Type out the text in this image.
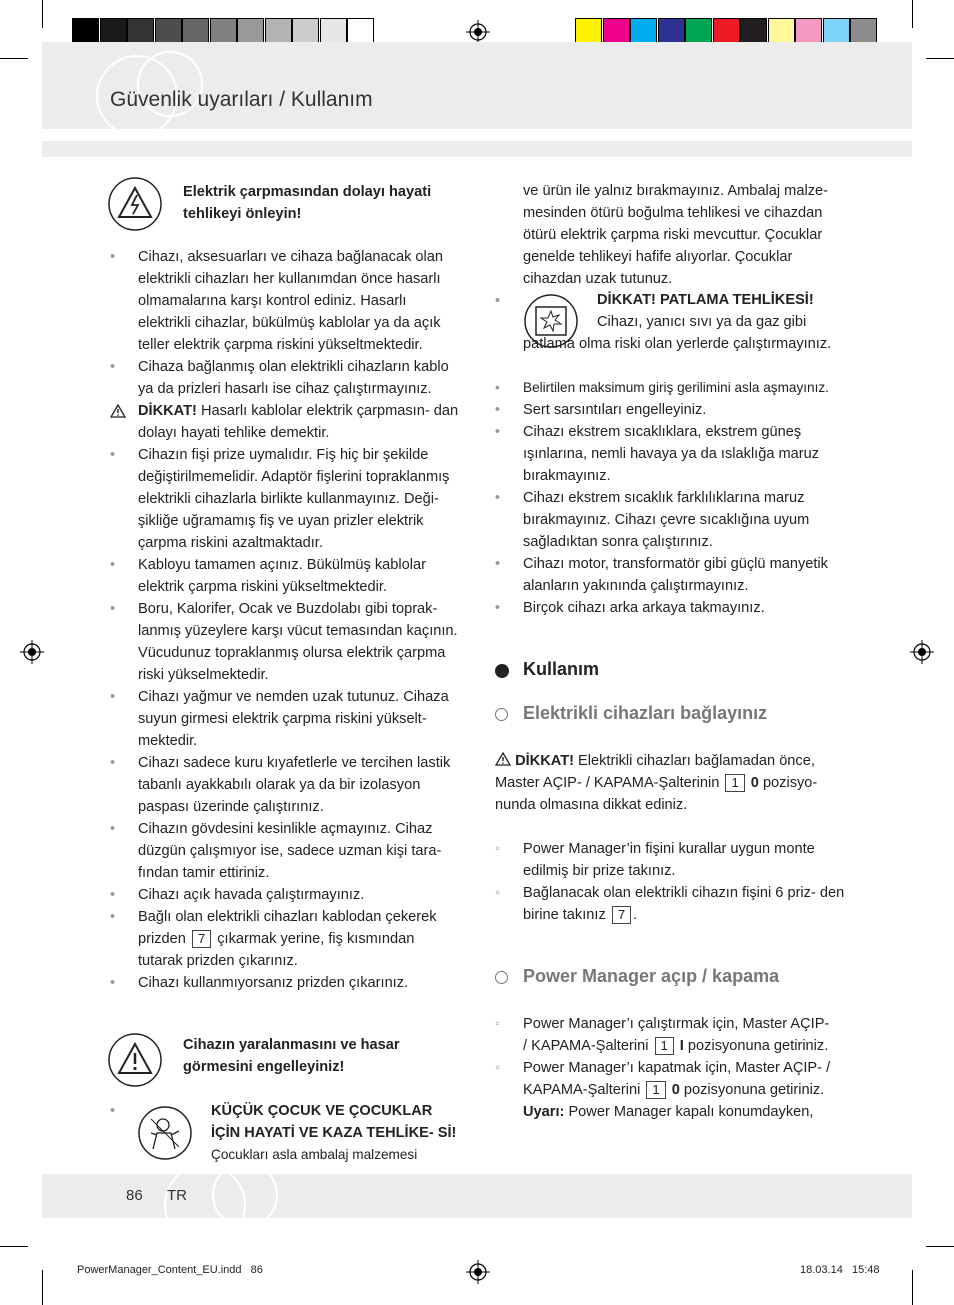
Güvenlik uyarıları / Kullanım
Elektrik çarpmasından dolayı hayati tehlikeyi önleyin!

• Cihazı, aksesuarları ve cihaza bağlanacak olan elektrikli cihazları her kullanımdan önce hasarlı olmamalarına karşı kontrol ediniz. Hasarlı elektrikli cihazlar, bükülmüş kablolar ya da açık teller elektrik çarpma riskini yükseltmektedir.

• Cihaza bağlanmış olan elektrikli cihazların kablo ya da prizleri hasarlı ise cihaz çalıştırmayınız.

DİKKAT! Hasarlı kablolar elektrik çarpmasın- dan dolayı hayati tehlike demektir.

• Cihazın fişi prize uymalıdır. Fiş hiç bir şekilde değiştirilmemelidir. Adaptör fişlerini topraklanmış elektrikli cihazlarla birlikte kullanmayınız. Deği- şikliğe uğramamış fiş ve uyan prizler elektrik çarpma riskini azaltmaktadır.

• Kabloyu tamamen açınız. Bükülmüş kablolar elektrik çarpma riskini yükseltmektedir.

• Boru, Kalorifer, Ocak ve Buzdolabı gibi toprak- lanmış yüzeylere karşı vücut temasından kaçının. Vücudunuz topraklanmış olursa elektrik çarpma riski yükselmektedir.

• Cihazı yağmur ve nemden uzak tutunuz. Cihaza suyun girmesi elektrik çarpma riskini yükselt- mektedir.

• Cihazı sadece kuru kıyafetlerle ve tercihen lastik tabanlı ayakkabılı olarak ya da bir izolasyon paspası üzerinde çalıştırınız.

• Cihazın gövdesini kesinlikle açmayınız. Cihaz düzgün çalışmıyor ise, sadece uzman kişi tara- fından tamir ettiriniz.

• Cihazı açık havada çalıştırmayınız.

• Bağlı olan elektrikli cihazları kablodan çekerek prizden 7 çıkarmak yerine, fiş kısmından tutarak prizden çıkarınız.

• Cihazı kullanmıyorsanız prizden çıkarınız.

Cihazın yaralanmasını ve hasar görmesini engelleyiniz!
•	KÜÇÜK ÇOCUK VE ÇOCUKLAR İÇİN HAYATİ VE KAZA TEHLİKE- Sİ! Çocukları asla ambalaj malzemesi
ve ürün ile yalnız bırakmayınız. Ambalaj malze- mesinden ötürü boğulma tehlikesi ve cihazdan ötürü elektrik çarpma riski mevcuttur. Çocuklar genelde tehlikeyi hafife alıyorlar. Çocuklar cihazdan uzak tutunuz.
•	DİKKAT! PATLAMA TEHLİKESİ!
Cihazı, yanıcı sıvı ya da gaz gibi patlama olma riski olan yerlerde çalıştırmayınız.

• Belirtilen maksimum giriş gerilimini asla aşmayınız.

• Sert sarsıntıları engelleyiniz.

• Cihazı ekstrem sıcaklıklara, ekstrem güneş ışınlarına, nemli havaya ya da ıslaklığa maruz bırakmayınız.

• Cihazı ekstrem sıcaklık farklılıklarına maruz bırakmayınız. Cihazı çevre sıcaklığına uyum sağladıktan sonra çalıştırınız.

• Cihazı motor, transformatör gibi güçlü manyetik alanların yakınında çalıştırmayınız.

• Birçok cihazı arka arkaya takmayınız.

Kullanım
Elektrikli cihazları bağlayınız
DİKKAT! Elektrikli cihazları bağlamadan önce, Master AÇIP- / KAPAMA-Şalterinin 1 0 pozisyo- nunda olmasına dikkat ediniz.

◦ Power Manager’in fişini kurallar uygun monte edilmiş bir prize takınız.

◦ Bağlanacak olan elektrikli cihazın fişini 6 priz- den birine takınız 7 .

Power Manager açıp / kapama

◦ Power Manager’ı çalıştırmak için, Master AÇIP- / KAPAMA-Şalterini 1 I pozisyonuna getiriniz.

◦ Power Manager’ı kapatmak için, Master AÇIP- / KAPAMA-Şalterini 1 0 pozisyonuna getiriniz.

Uyarı: Power Manager kapalı konumdayken,

86 TR
PowerManager_Content_EU.indd   86	18.03.14   15:48
